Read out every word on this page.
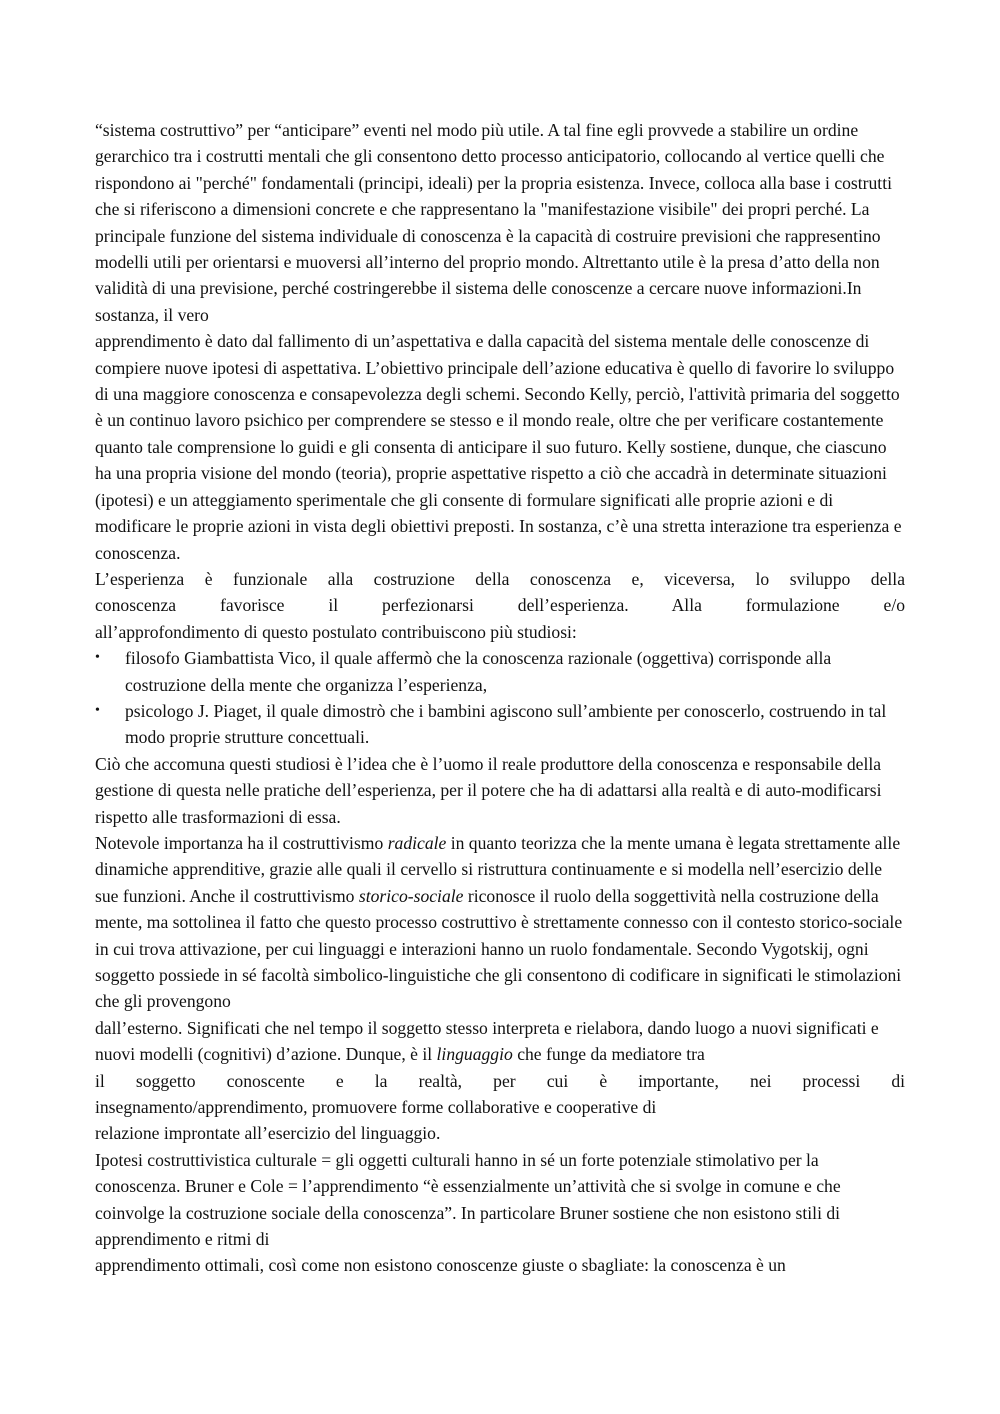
“sistema costruttivo” per “anticipare” eventi nel modo più utile. A tal fine egli provvede a stabilire un ordine gerarchico tra i costrutti mentali che gli consentono detto processo anticipatorio, collocando al vertice quelli che rispondono ai "perché" fondamentali (principi, ideali) per la propria esistenza. Invece, colloca alla base i costrutti che si riferiscono a dimensioni concrete e che rappresentano la "manifestazione visibile" dei propri perché. La principale funzione del sistema individuale di conoscenza è la capacità di costruire previsioni che rappresentino modelli utili per orientarsi e muoversi all’interno del proprio mondo. Altrettanto utile è la presa d’atto della non validità di una previsione, perché costringerebbe il sistema delle conoscenze a cercare nuove informazioni.In sostanza, il vero

apprendimento è dato dal fallimento di un’aspettativa e dalla capacità del sistema mentale delle conoscenze di compiere nuove ipotesi di aspettativa. L’obiettivo principale dell’azione educativa è quello di favorire lo sviluppo di una maggiore conoscenza e consapevolezza degli schemi. Secondo Kelly, perciò, l'attività primaria del soggetto è un continuo lavoro psichico per comprendere se stesso e il mondo reale, oltre che per verificare costantemente quanto tale comprensione lo guidi e gli consenta di anticipare il suo futuro. Kelly sostiene, dunque, che ciascuno ha una propria visione del mondo (teoria), proprie aspettative rispetto a ciò che accadrà in determinate situazioni (ipotesi) e un atteggiamento sperimentale che gli consente di formulare significati alle proprie azioni e di modificare le proprie azioni in vista degli obiettivi preposti. In sostanza, c’è una stretta interazione tra esperienza e conoscenza.

L’esperienza è funzionale alla costruzione della conoscenza e, viceversa, lo sviluppo della

conoscenza favorisce il perfezionarsi dell’esperienza. Alla formulazione e/o

all’approfondimento di questo postulato contribuiscono più studiosi:

• filosofo Giambattista Vico, il quale affermò che la conoscenza razionale (oggettiva) corrisponde alla costruzione della mente che organizza l’esperienza,
• psicologo J. Piaget, il quale dimostrò che i bambini agiscono sull’ambiente per conoscerlo, costruendo in tal modo proprie strutture concettuali.

Ciò che accomuna questi studiosi è l’idea che è l’uomo il reale produttore della conoscenza e responsabile della gestione di questa nelle pratiche dell’esperienza, per il potere che ha di adattarsi alla realtà e di auto-modificarsi rispetto alle trasformazioni di essa.

Notevole importanza ha il costruttivismo radicale in quanto teorizza che la mente umana è legata strettamente alle dinamiche apprenditive, grazie alle quali il cervello si ristruttura continuamente e si modella nell’esercizio delle sue funzioni. Anche il costruttivismo storico-sociale riconosce il ruolo della soggettività nella costruzione della mente, ma sottolinea il fatto che questo processo costruttivo è strettamente connesso con il contesto storico-sociale in cui trova attivazione, per cui linguaggi e interazioni hanno un ruolo fondamentale. Secondo Vygotskij, ogni soggetto possiede in sé facoltà simbolico-linguistiche che gli consentono di codificare in significati le stimolazioni che gli provengono

dall’esterno. Significati che nel tempo il soggetto stesso interpreta e rielabora, dando luogo a nuovi significati e nuovi modelli (cognitivi) d’azione. Dunque, è il linguaggio che funge da mediatore tra

il soggetto conoscente e la realtà, per cui è importante, nei processi di

insegnamento/apprendimento, promuovere forme collaborative e cooperative di

relazione improntate all’esercizio del linguaggio.

Ipotesi costruttivistica culturale = gli oggetti culturali hanno in sé un forte potenziale stimolativo per la conoscenza. Bruner e Cole = l’apprendimento “è essenzialmente un’attività che si svolge in comune e che coinvolge la costruzione sociale della conoscenza”. In particolare Bruner sostiene che non esistono stili di apprendimento e ritmi di

apprendimento ottimali, così come non esistono conoscenze giuste o sbagliate: la conoscenza è un
